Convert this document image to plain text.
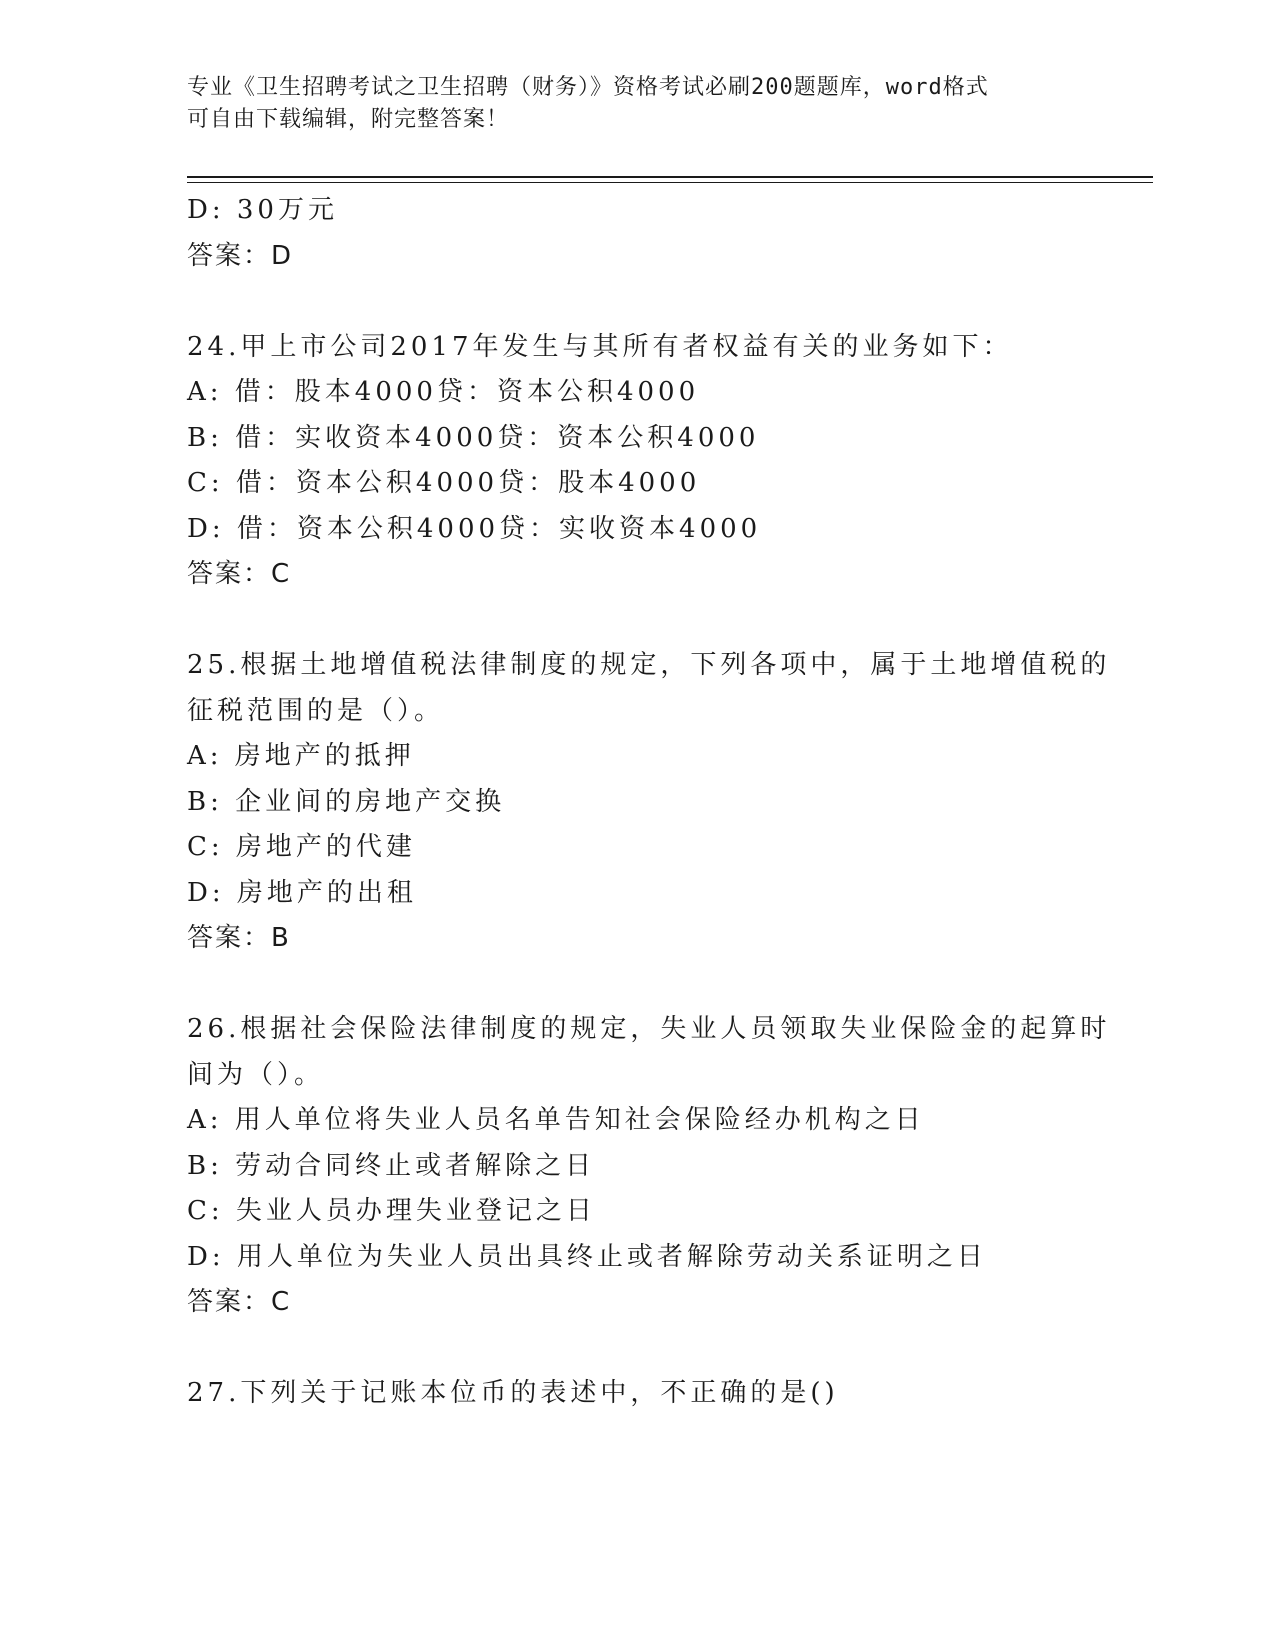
专业《卫生招聘考试之卫生招聘（财务）》资格考试必刷200题题库，word格式
可自由下载编辑，附完整答案！
D: 30万元
答案：D
24.甲上市公司2017年发生与其所有者权益有关的业务如下：
A: 借：股本4000贷：资本公积4000
B: 借：实收资本4000贷：资本公积4000
C: 借：资本公积4000贷：股本4000
D: 借：资本公积4000贷：实收资本4000
答案：C
25.根据土地增值税法律制度的规定，下列各项中，属于土地增值税的
征税范围的是（）。
A: 房地产的抵押
B: 企业间的房地产交换
C: 房地产的代建
D: 房地产的出租
答案：B
26.根据社会保险法律制度的规定，失业人员领取失业保险金的起算时
间为（）。
A: 用人单位将失业人员名单告知社会保险经办机构之日
B: 劳动合同终止或者解除之日
C: 失业人员办理失业登记之日
D: 用人单位为失业人员出具终止或者解除劳动关系证明之日
答案：C
27.下列关于记账本位币的表述中，不正确的是()
